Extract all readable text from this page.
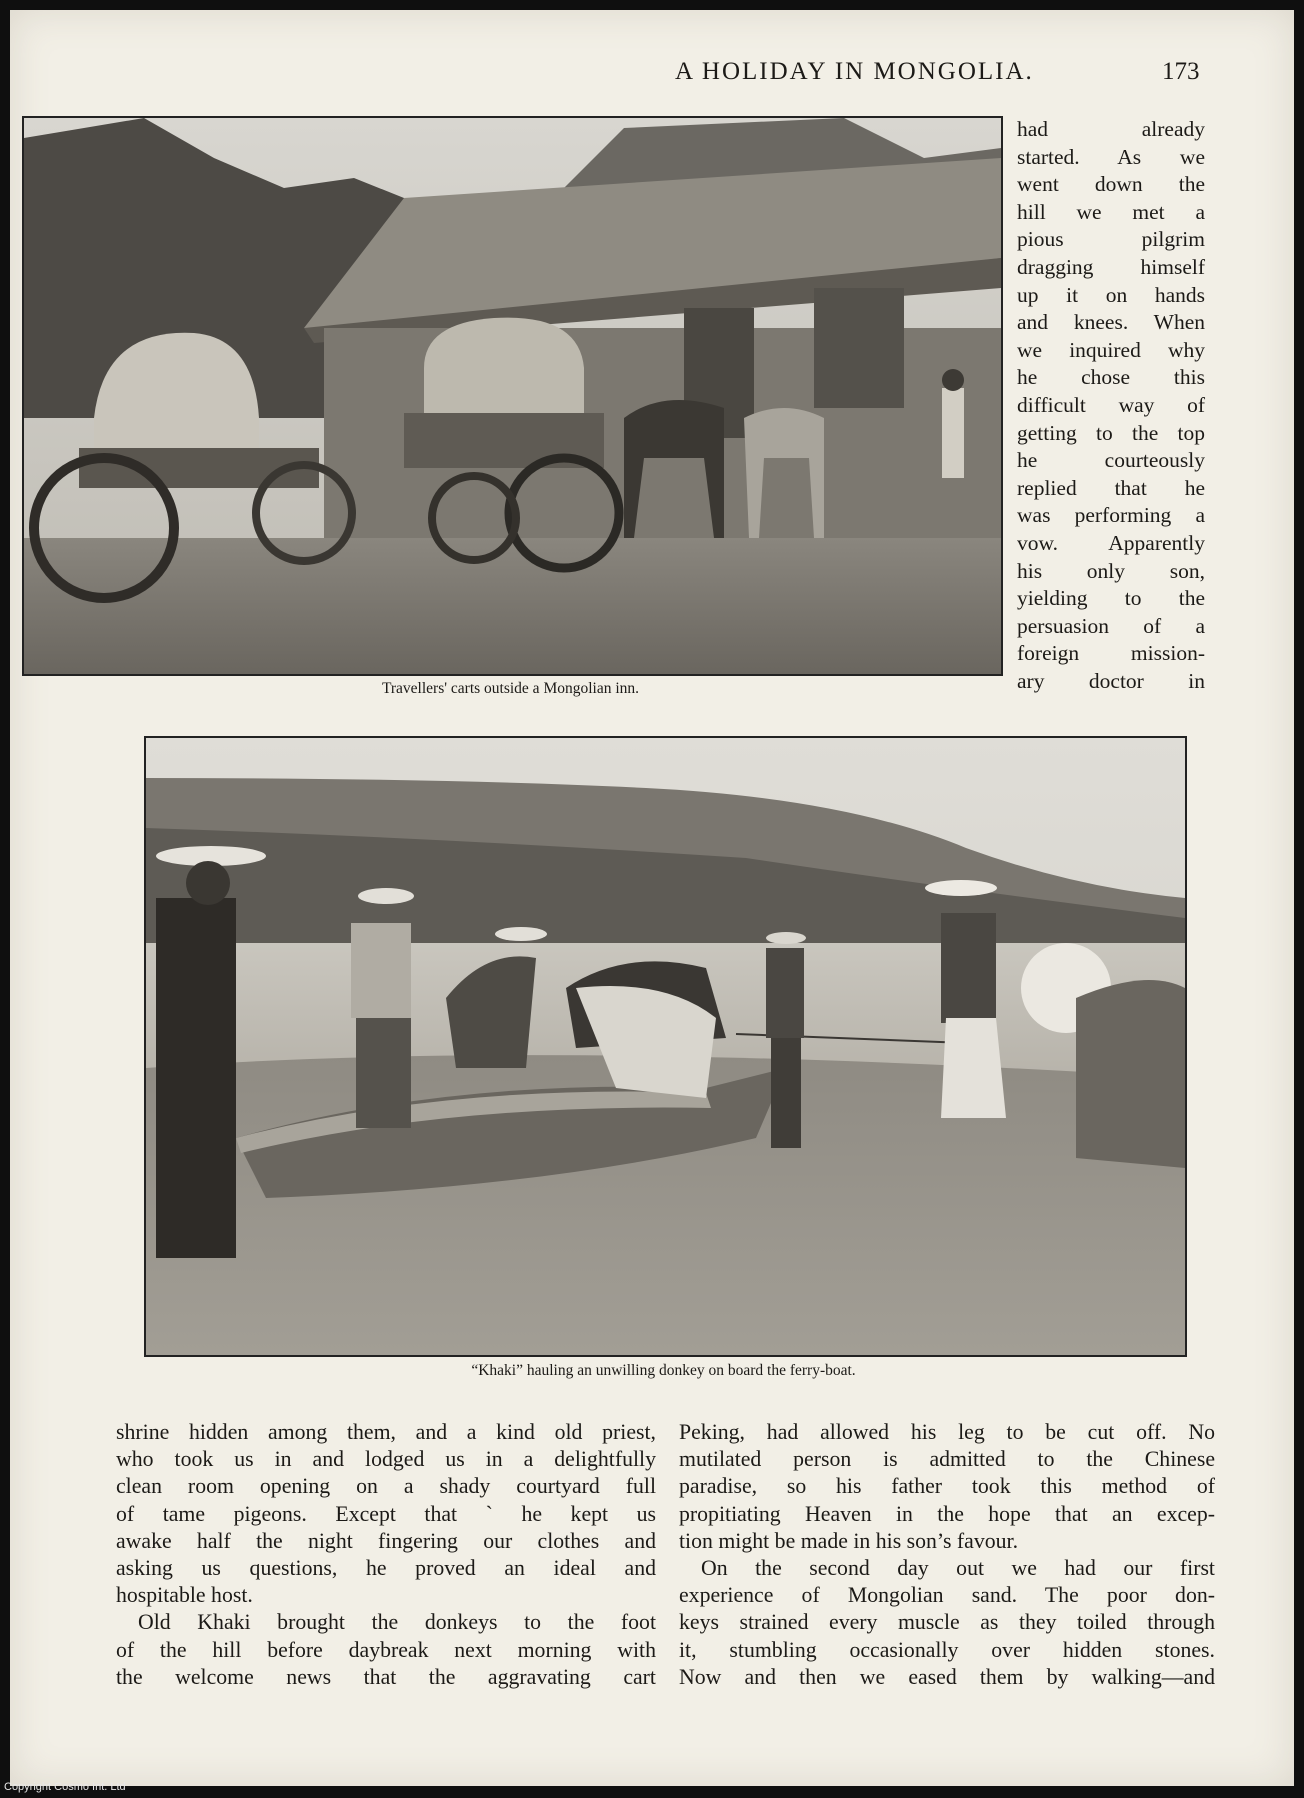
A HOLIDAY IN MONGOLIA.	173
Travellers' carts outside a Mongolian inn.
had already
started. As we
went down the
hill we met a
pious pilgrim
dragging himself
up it on hands
and knees. When
we inquired why
he chose this
difficult way of
getting to the top
he courteously
replied that he
was performing a
vow. Apparently
his only son,
yielding to the
persuasion of a
foreign mission-
ary doctor in
“Khaki” hauling an unwilling donkey on board the ferry-boat.
shrine hidden among them, and a kind old priest,
who took us in and lodged us in a delightfully
clean room opening on a shady courtyard full
of tame pigeons. Except that ` he kept us
awake half the night fingering our clothes and
asking us questions, he proved an ideal and
hospitable host.
Old Khaki brought the donkeys to the foot
of the hill before daybreak next morning with
the welcome news that the aggravating cart
Peking, had allowed his leg to be cut off. No
mutilated person is admitted to the Chinese
paradise, so his father took this method of
propitiating Heaven in the hope that an excep-
tion might be made in his son’s favour.
On the second day out we had our first
experience of Mongolian sand. The poor don-
keys strained every muscle as they toiled through
it, stumbling occasionally over hidden stones.
Now and then we eased them by walking—and
Copyright Cosmo Int. Ltd
